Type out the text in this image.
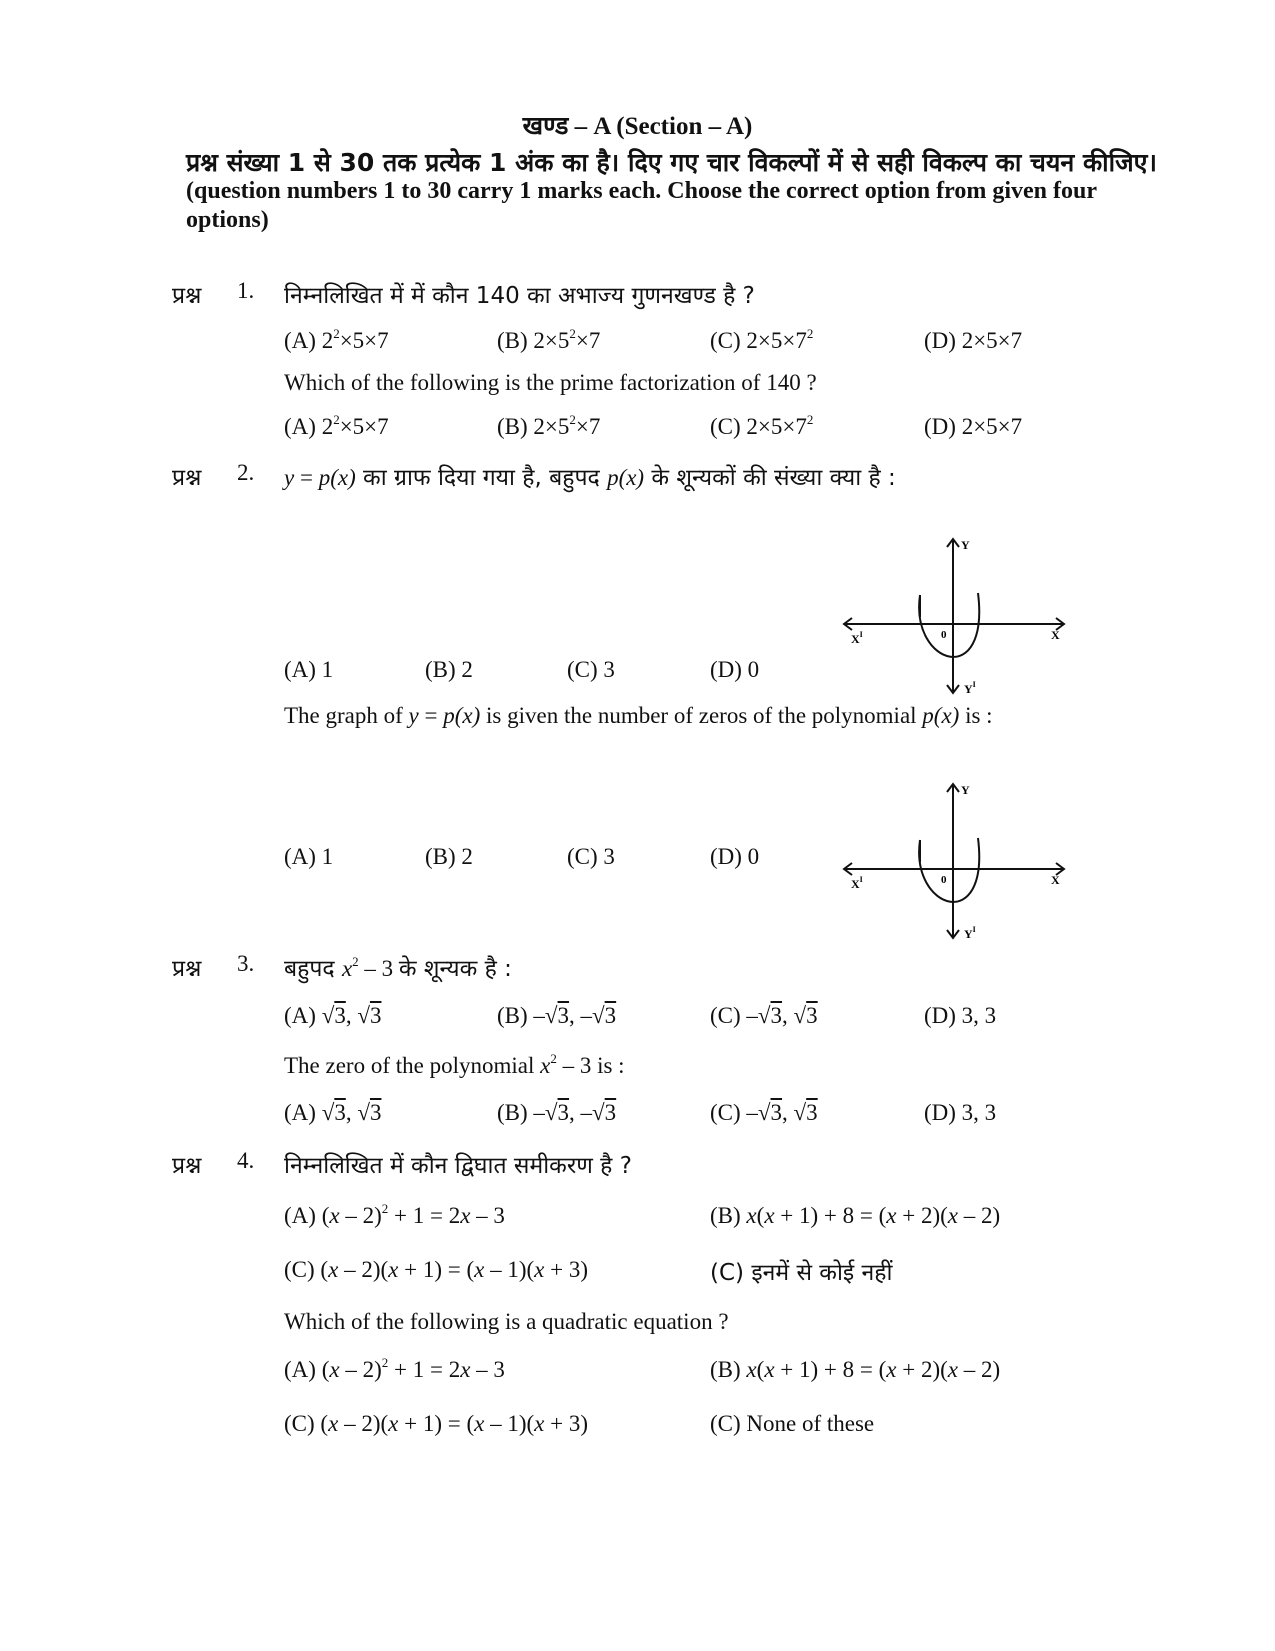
खण्ड – A (Section – A)
प्रश्न संख्या 1 से 30 तक प्रत्येक 1 अंक का है। दिए गए चार विकल्पों में से सही विकल्प का चयन कीजिए।
(question numbers 1 to 30 carry 1 marks each. Choose the correct option from given four options)
प्रश्न 1. निम्नलिखित में में कौन 140 का अभाज्य गुणनखण्ड है ?
(A) $2^2\times 5\times 7$	(B) $2\times 5^2\times 7$	(C) $2\times 5\times 7^2$	(D) 2×5×7
Which of the following is the prime factorization of 140 ?
(A) $2^2\times 5\times 7$	(B) $2\times 5^2\times 7$	(C) $2\times 5\times 7^2$	(D) 2×5×7
प्रश्न 2. y = p(x) का ग्राफ दिया गया है, बहुपद p(x) के शून्यकों की संख्या क्या है :
(A) 1	(B) 2	(C) 3	(D) 0
Y
X
$X^I$	0
$Y^I$
The graph of y = p(x) is given the number of zeros of the polynomial p(x) is :
(A) 1	(B) 2	(C) 3	(D) 0
Y
X
$X^I$	0
$Y^I$
प्रश्न 3. बहुपद $x^2 - 3$ के शून्यक है :
(A) √3, √3	(B) –√3, –√3	(C) –√3, √3	(D) 3, 3
The zero of the polynomial $x^2 - 3$ is :
(A) √3, √3	(B) –√3, –√3	(C) –√3, √3	(D) 3, 3
प्रश्न 4. निम्नलिखित में कौन द्विघात समीकरण है ?
(A) (x – 2)$^2$ + 1 = 2x – 3	(B) x(x + 1) + 8 = (x + 2)(x – 2)
(C) (x – 2)(x + 1) = (x – 1)(x + 3)	(C) इनमें से कोई नहीं
Which of the following is a quadratic equation ?
(A) (x – 2)$^2$ + 1 = 2x – 3	(B) x(x + 1) + 8 = (x + 2)(x – 2)
(C) (x – 2)(x + 1) = (x – 1)(x + 3)	(C) None of these
